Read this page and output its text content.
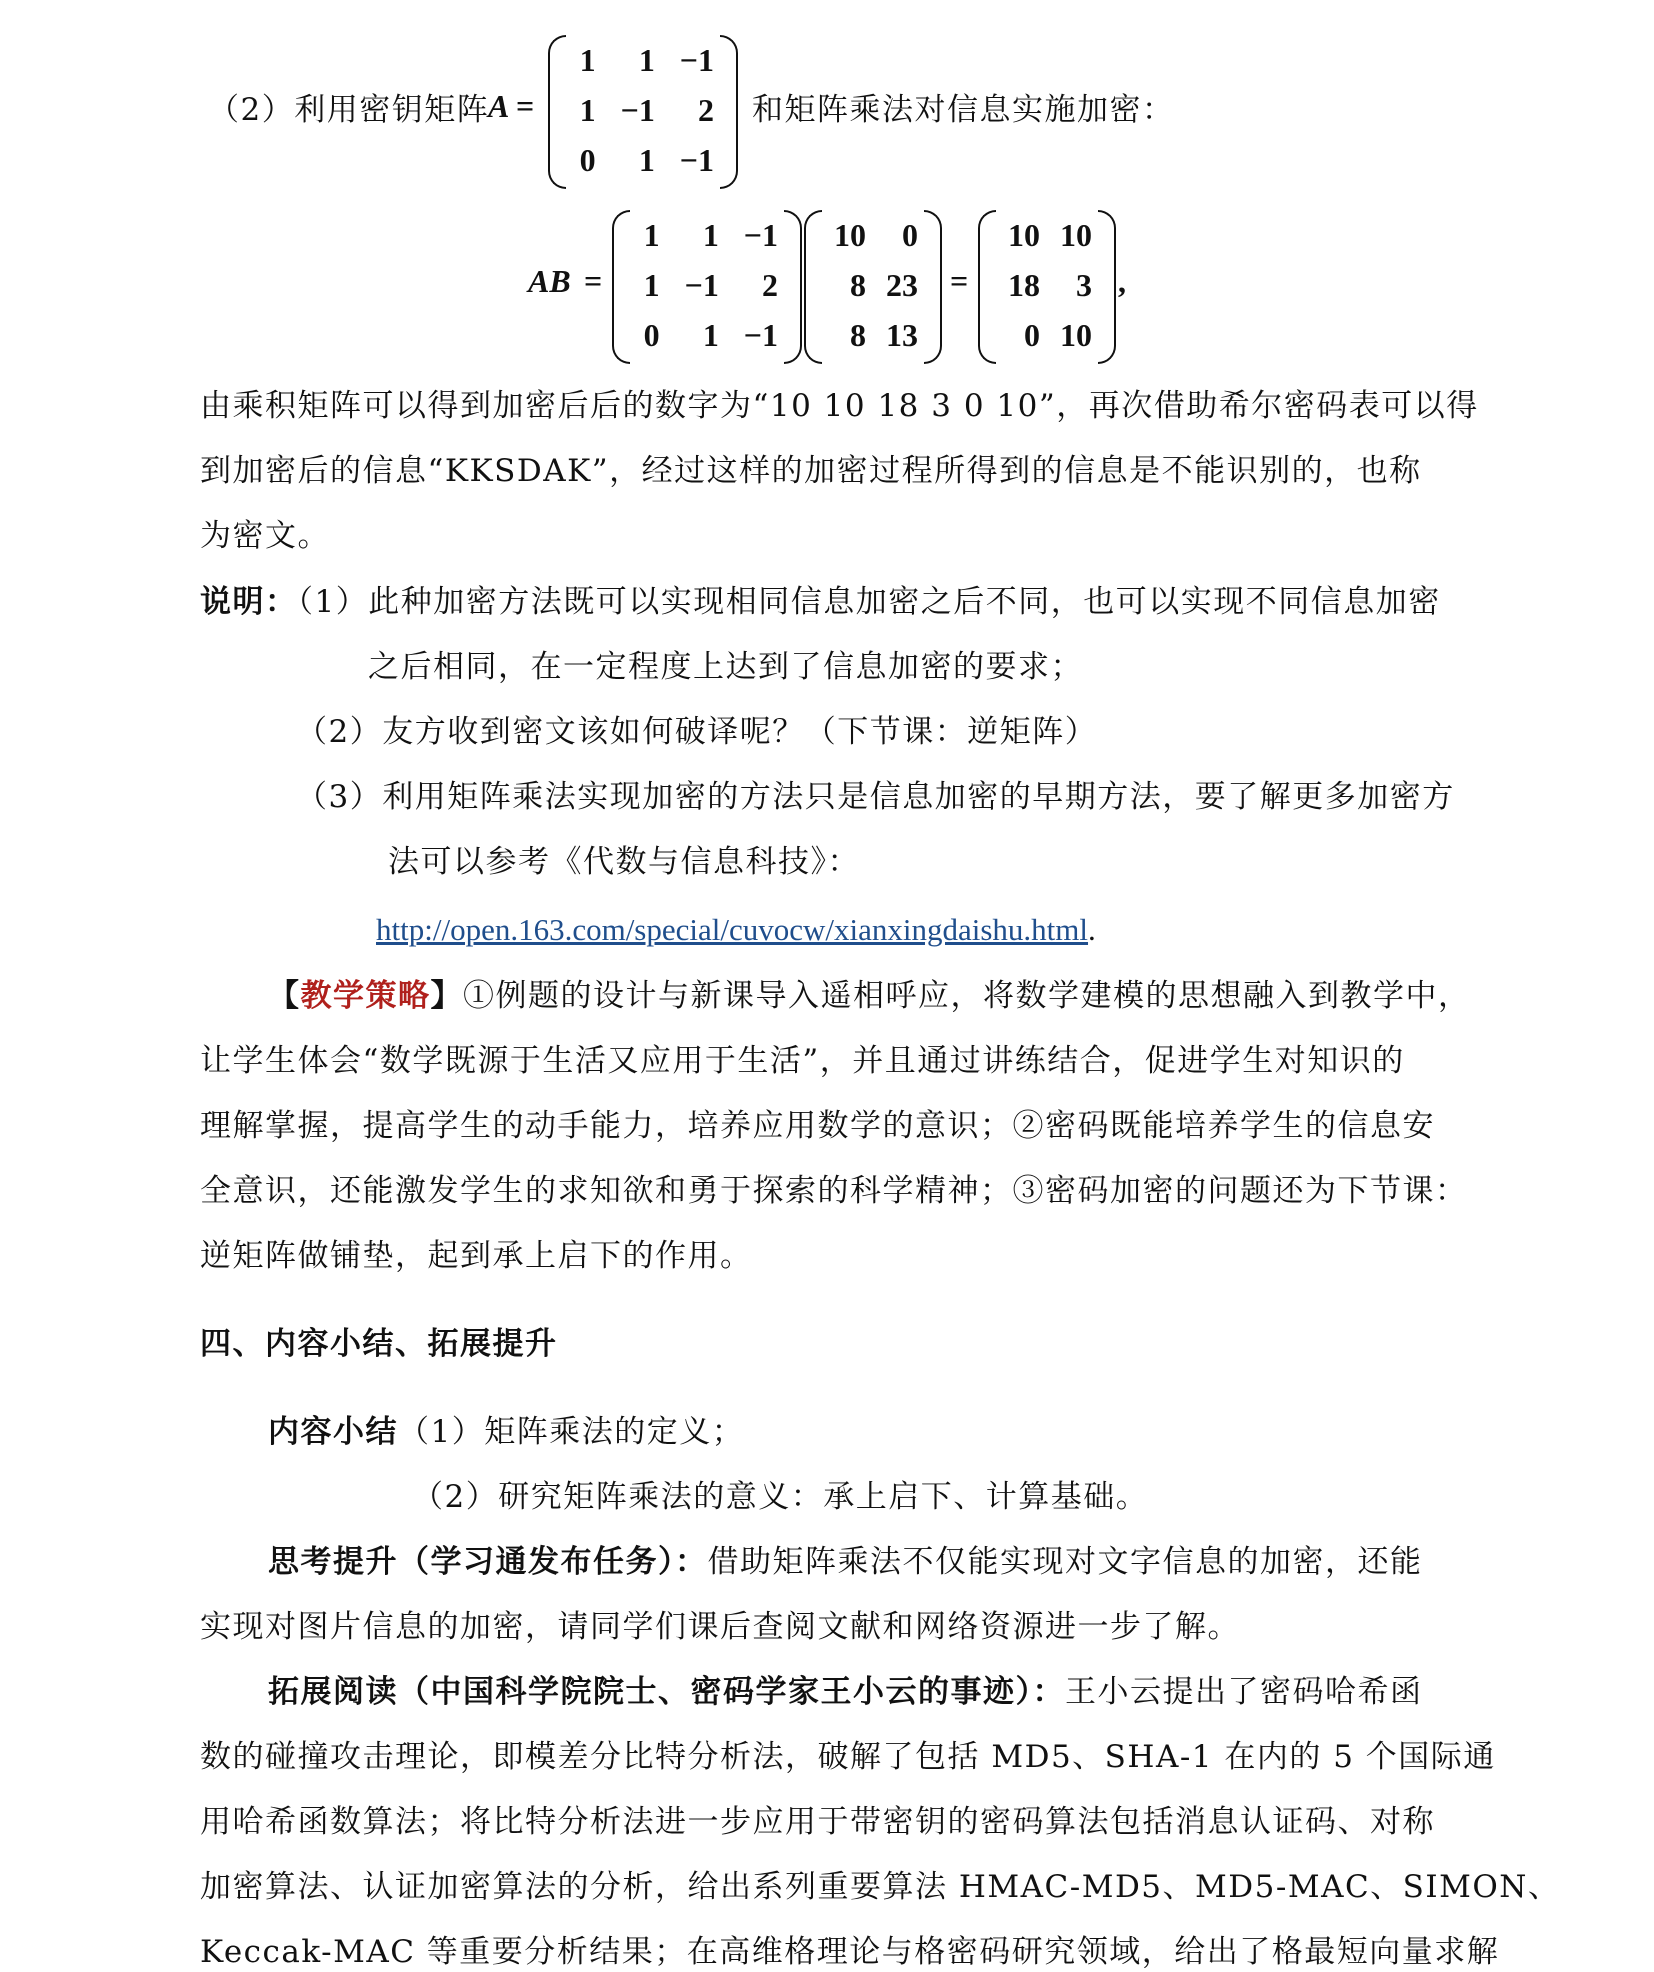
（2）利用密钥矩阵
A =
1	1	−1
1	−1	2
0	1	−1
和矩阵乘法对信息实施加密：
AB =
1	1	−1
1	−1	2
0	1	−1
10	0
8	23
8	13
=
10	10
18	3
0	10
,
由乘积矩阵可以得到加密后后的数字为“10 10 18 3 0 10”，再次借助希尔密码表可以得
到加密后的信息“KKSDAK”，经过这样的加密过程所得到的信息是不能识别的，也称
为密文。
说明：（1）此种加密方法既可以实现相同信息加密之后不同，也可以实现不同信息加密
之后相同，在一定程度上达到了信息加密的要求；
（2）友方收到密文该如何破译呢？（下节课：逆矩阵）
（3）利用矩阵乘法实现加密的方法只是信息加密的早期方法，要了解更多加密方
法可以参考《代数与信息科技》：
http://open.163.com/special/cuvocw/xianxingdaishu.html.
【教学策略】①例题的设计与新课导入遥相呼应，将数学建模的思想融入到教学中，
让学生体会“数学既源于生活又应用于生活”，并且通过讲练结合，促进学生对知识的
理解掌握，提高学生的动手能力，培养应用数学的意识；②密码既能培养学生的信息安
全意识，还能激发学生的求知欲和勇于探索的科学精神；③密码加密的问题还为下节课：
逆矩阵做铺垫，起到承上启下的作用。
四、内容小结、拓展提升
内容小结（1）矩阵乘法的定义；
（2）研究矩阵乘法的意义：承上启下、计算基础。
思考提升（学习通发布任务）：借助矩阵乘法不仅能实现对文字信息的加密，还能
实现对图片信息的加密，请同学们课后查阅文献和网络资源进一步了解。
拓展阅读（中国科学院院士、密码学家王小云的事迹）：王小云提出了密码哈希函
数的碰撞攻击理论，即模差分比特分析法，破解了包括 MD5、SHA-1 在内的 5 个国际通
用哈希函数算法；将比特分析法进一步应用于带密钥的密码算法包括消息认证码、对称
加密算法、认证加密算法的分析，给出系列重要算法 HMAC-MD5、MD5-MAC、SIMON、
Keccak-MAC 等重要分析结果；在高维格理论与格密码研究领域，给出了格最短向量求解
